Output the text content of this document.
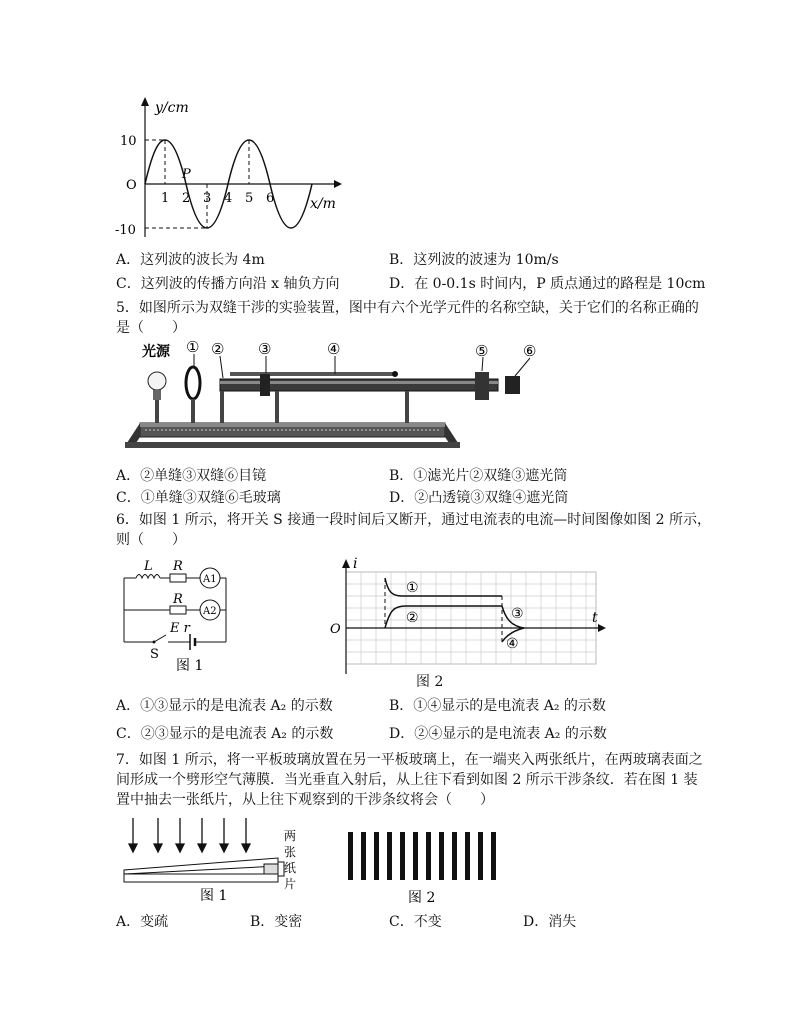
y/cm
x/m
O
10
-10
1 2 3 4 5 6
P
A．这列波的波长为 4m	B．这列波的波速为 10m/s
C．这列波的传播方向沿 x 轴负方向	D．在 0-0.1s 时间内，P 质点通过的路程是 10cm
5．如图所示为双缝干涉的实验装置，图中有六个光学元件的名称空缺，关于它们的名称正确的
是（　　）
光源 ① ② ③	④	⑤ ⑥
A．②单缝③双缝⑥目镜	B．①滤光片②双缝③遮光筒
C．①单缝③双缝⑥毛玻璃	D．②凸透镜③双缝④遮光筒
6．如图 1 所示，将开关 S 接通一段时间后又断开，通过电流表的电流—时间图像如图 2 所示，
则（　　）
L R
R
A1
A2
E r
S
图 1
i
t
O
①
②	③
④
图 2
A．①③显示的是电流表 A₂ 的示数	B．①④显示的是电流表 A₂ 的示数
C．②③显示的是电流表 A₂ 的示数	D．②④显示的是电流表 A₂ 的示数
7．如图 1 所示，将一平板玻璃放置在另一平板玻璃上，在一端夹入两张纸片，在两玻璃表面之
间形成一个劈形空气薄膜．当光垂直入射后，从上往下看到如图 2 所示干涉条纹．若在图 1 装
置中抽去一张纸片，从上往下观察到的干涉条纹将会（　　）
两
张
纸
片
图 1	图 2
A．变疏	B．变密	C．不变	D．消失
